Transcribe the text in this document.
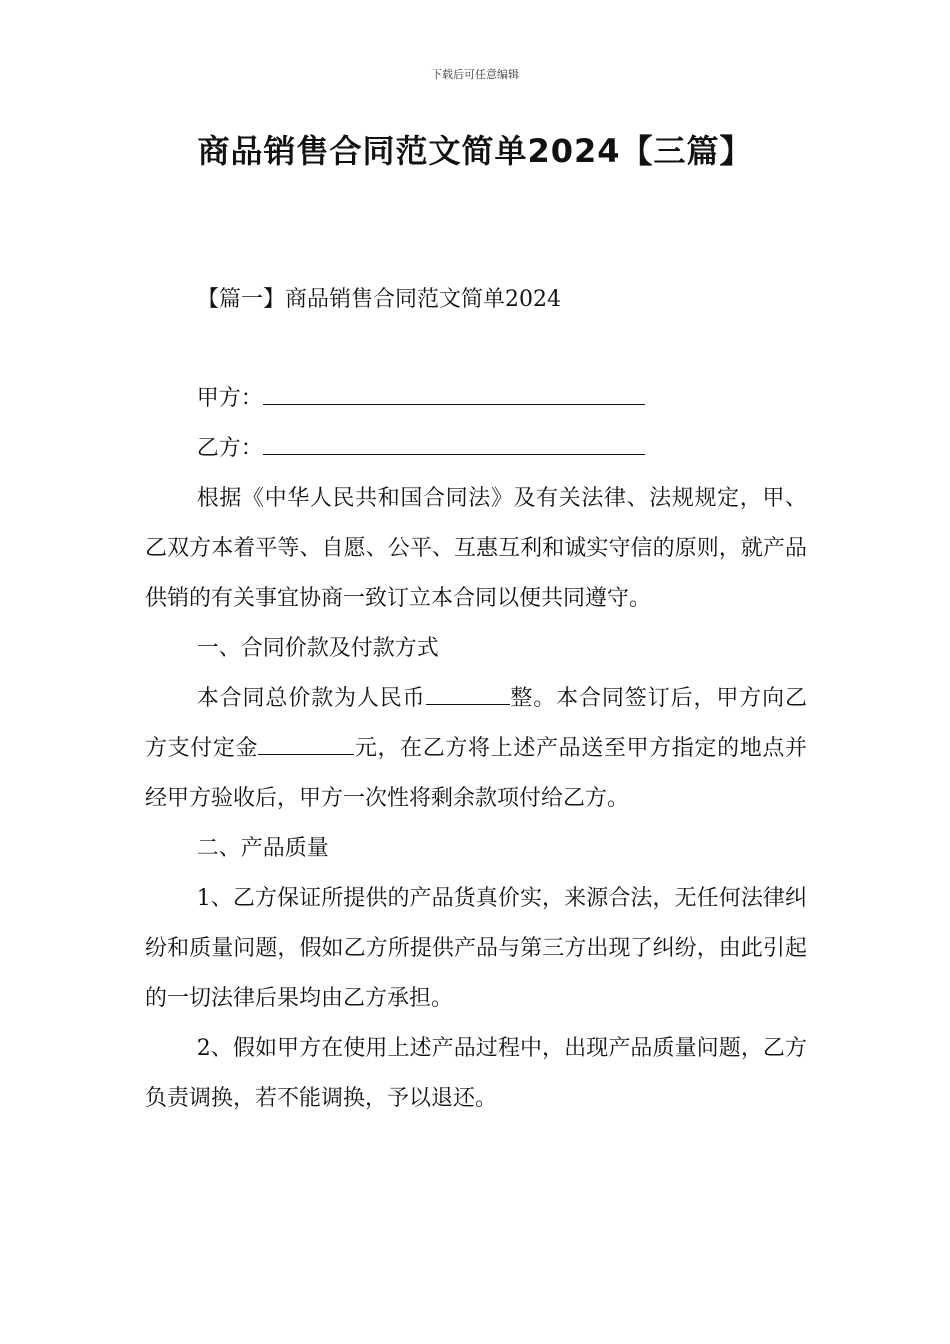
下载后可任意编辑
商品销售合同范文简单2024【三篇】
【篇一】商品销售合同范文简单2024

甲方：

乙方：

根据《中华人民共和国合同法》及有关法律、法规规定，甲、乙双方本着平等、自愿、公平、互惠互利和诚实守信的原则，就产品供销的有关事宜协商一致订立本合同以便共同遵守。

一、合同价款及付款方式

本合同总价款为人民币	整。本合同签订后，甲方向乙方支付定金	元，在乙方将上述产品送至甲方指定的地点并经甲方验收后，甲方一次性将剩余款项付给乙方。

二、产品质量

1、乙方保证所提供的产品货真价实，来源合法，无任何法律纠纷和质量问题，假如乙方所提供产品与第三方出现了纠纷，由此引起的一切法律后果均由乙方承担。

2、假如甲方在使用上述产品过程中，出现产品质量问题，乙方负责调换，若不能调换，予以退还。
